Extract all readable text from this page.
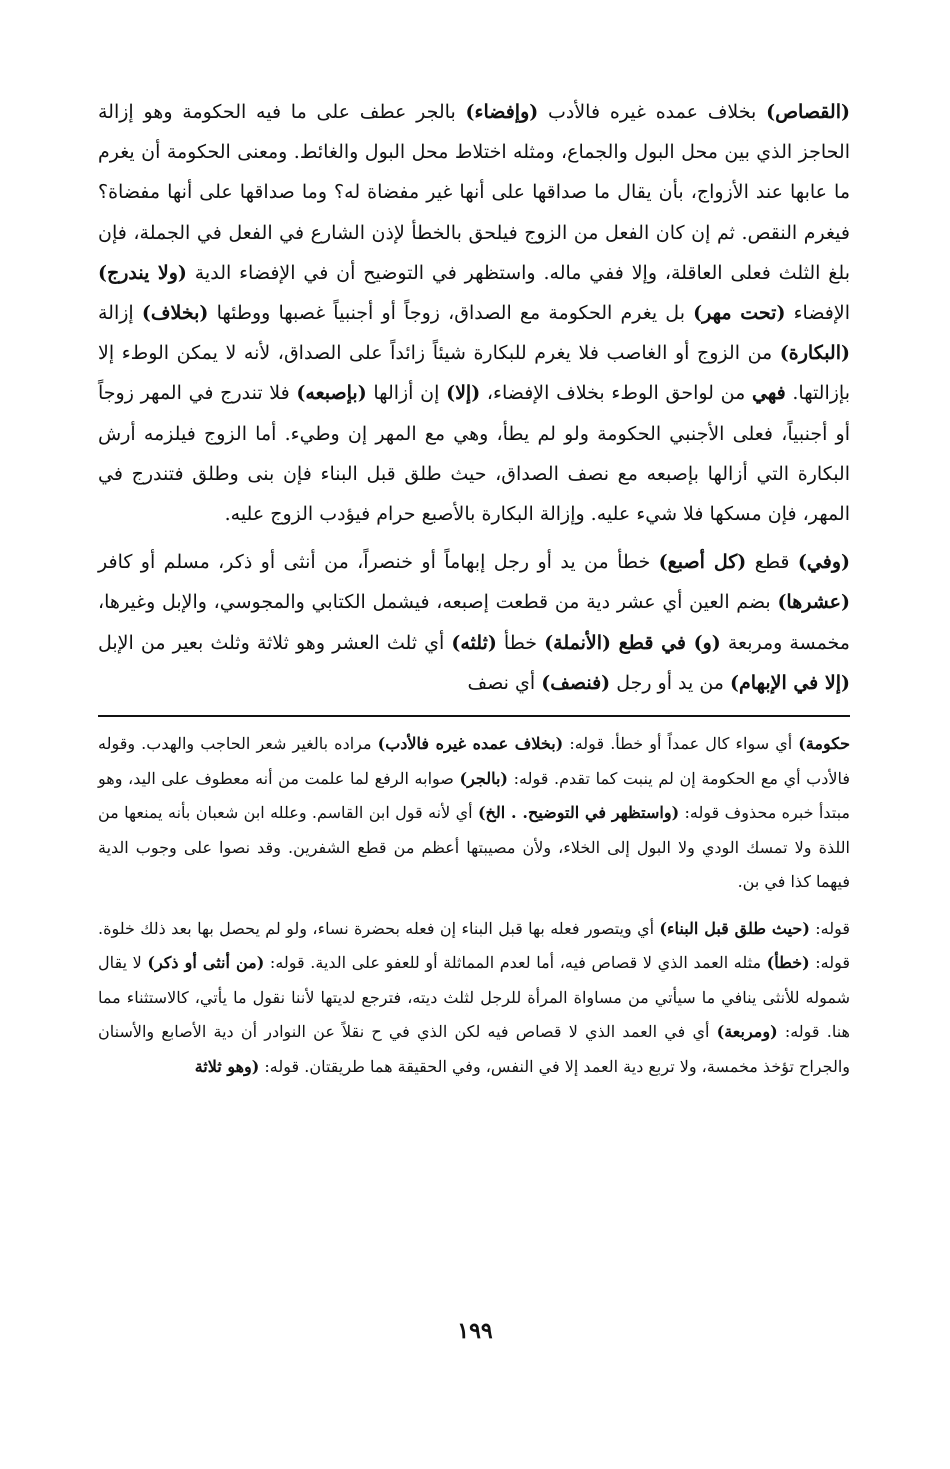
(القصاص) بخلاف عمده غيره فالأدب (وإفضاء) بالجر عطف على ما فيه الحكومة وهو إزالة الحاجز الذي بين محل البول والجماع، ومثله اختلاط محل البول والغائط. ومعنى الحكومة أن يغرم ما عابها عند الأزواج، بأن يقال ما صداقها على أنها غير مفضاة له؟ وما صداقها على أنها مفضاة؟ فيغرم النقص. ثم إن كان الفعل من الزوج فيلحق بالخطأ لإذن الشارع في الفعل في الجملة، فإن بلغ الثلث فعلى العاقلة، وإلا ففي ماله. واستظهر في التوضيح أن في الإفضاء الدية (ولا يندرج) الإفضاء (تحت مهر) بل يغرم الحكومة مع الصداق، زوجاً أو أجنبياً غصبها ووطئها (بخلاف) إزالة (البكارة) من الزوج أو الغاصب فلا يغرم للبكارة شيئاً زائداً على الصداق، لأنه لا يمكن الوطء إلا بإزالتها. فهي من لواحق الوطء بخلاف الإفضاء، (إلا) إن أزالها (بإصبعه) فلا تندرج في المهر زوجاً أو أجنبياً، فعلى الأجنبي الحكومة ولو لم يطأ، وهي مع المهر إن وطيء. أما الزوج فيلزمه أرش البكارة التي أزالها بإصبعه مع نصف الصداق، حيث طلق قبل البناء فإن بنى وطلق فتندرج في المهر، فإن مسكها فلا شيء عليه. وإزالة البكارة بالأصبع حرام فيؤدب الزوج عليه.

(وفي) قطع (كل أصبع) خطأ من يد أو رجل إبهاماً أو خنصراً، من أنثى أو ذكر، مسلم أو كافر (عشرها) بضم العين أي عشر دية من قطعت إصبعه، فيشمل الكتابي والمجوسي، والإبل وغيرها، مخمسة ومربعة (و) في قطع (الأنملة) خطأ (ثلثه) أي ثلث العشر وهو ثلاثة وثلث بعير من الإبل (إلا في الإبهام) من يد أو رجل (فنصف) أي نصف

حكومة) أي سواء كال عمداً أو خطأ. قوله: (بخلاف عمده غيره فالأدب) مراده بالغير شعر الحاجب والهدب. وقوله فالأدب أي مع الحكومة إن لم ينبت كما تقدم. قوله: (بالجر) صوابه الرفع لما علمت من أنه معطوف على اليد، وهو مبتدأ خبره محذوف قوله: (واستظهر في التوضيح. . الخ) أي لأنه قول ابن القاسم. وعلله ابن شعبان بأنه يمنعها من اللذة ولا تمسك الودي ولا البول إلى الخلاء، ولأن مصيبتها أعظم من قطع الشفرين. وقد نصوا على وجوب الدية فيهما كذا في بن.

قوله: (حيث طلق قبل البناء) أي ويتصور فعله بها قبل البناء إن فعله بحضرة نساء، ولو لم يحصل بها بعد ذلك خلوة. قوله: (خطأ) مثله العمد الذي لا قصاص فيه، أما لعدم المماثلة أو للعفو على الدية. قوله: (من أنثى أو ذكر) لا يقال شموله للأنثى ينافي ما سيأتي من مساواة المرأة للرجل لثلث ديته، فترجع لديتها لأننا نقول ما يأتي، كالاستثناء مما هنا. قوله: (ومربعة) أي في العمد الذي لا قصاص فيه لكن الذي في ح نقلاً عن النوادر أن دية الأصابع والأسنان والجراح تؤخذ مخمسة، ولا تربع دية العمد إلا في النفس، وفي الحقيقة هما طريقتان. قوله: (وهو ثلاثة

١٩٩
